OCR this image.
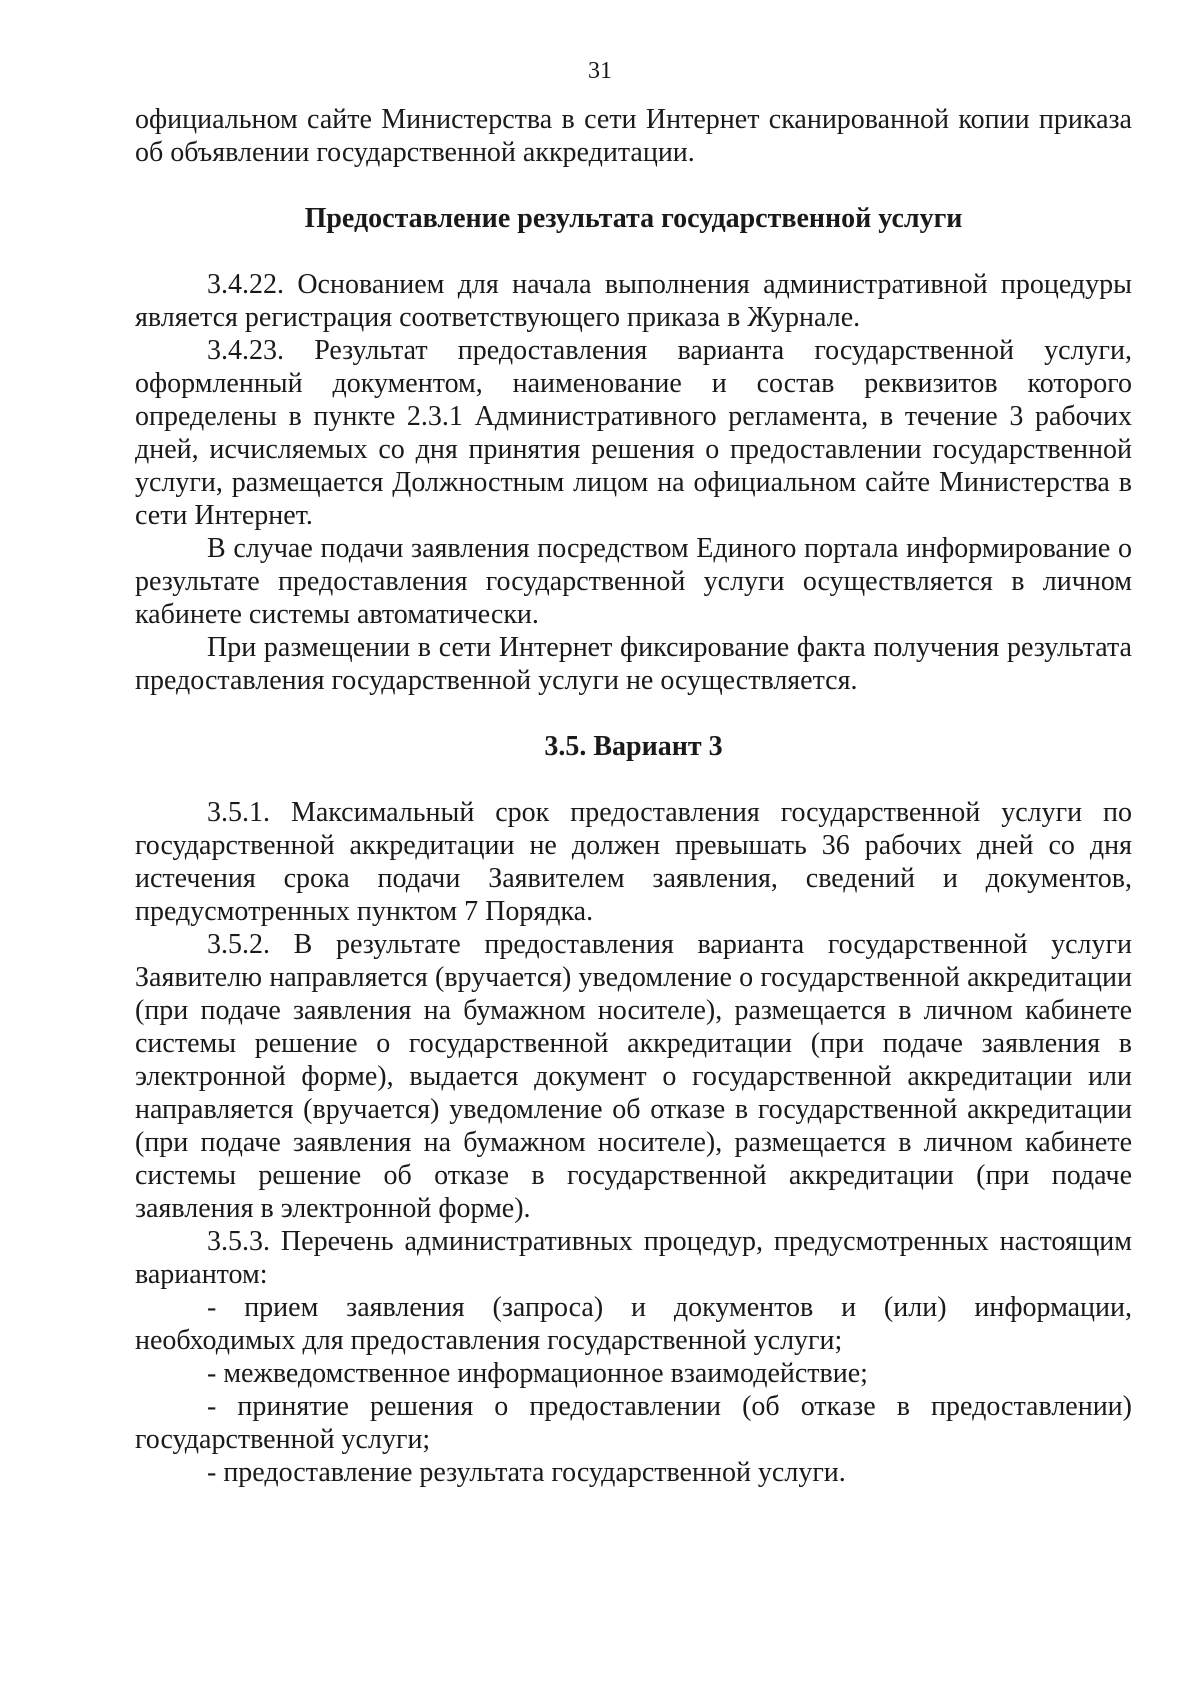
31

официальном сайте Министерства в сети Интернет сканированной копии приказа об объявлении государственной аккредитации.

Предоставление результата государственной услуги

3.4.22. Основанием для начала выполнения административной процедуры является регистрация соответствующего приказа в Журнале.

3.4.23. Результат предоставления варианта государственной услуги, оформленный документом, наименование и состав реквизитов которого определены в пункте 2.3.1 Административного регламента, в течение 3 рабочих дней, исчисляемых со дня принятия решения о предоставлении государственной услуги, размещается Должностным лицом на официальном сайте Министерства в сети Интернет.

В случае подачи заявления посредством Единого портала информирование о результате предоставления государственной услуги осуществляется в личном кабинете системы автоматически.

При размещении в сети Интернет фиксирование факта получения результата предоставления государственной услуги не осуществляется.

3.5. Вариант 3

3.5.1. Максимальный срок предоставления государственной услуги по государственной аккредитации не должен превышать 36 рабочих дней со дня истечения срока подачи Заявителем заявления, сведений и документов, предусмотренных пунктом 7 Порядка.

3.5.2. В результате предоставления варианта государственной услуги Заявителю направляется (вручается) уведомление о государственной аккредитации (при подаче заявления на бумажном носителе), размещается в личном кабинете системы решение о государственной аккредитации (при подаче заявления в электронной форме), выдается документ о государственной аккредитации или направляется (вручается) уведомление об отказе в государственной аккредитации (при подаче заявления на бумажном носителе), размещается в личном кабинете системы решение об отказе в государственной аккредитации (при подаче заявления в электронной форме).

3.5.3. Перечень административных процедур, предусмотренных настоящим вариантом:

- прием заявления (запроса) и документов и (или) информации, необходимых для предоставления государственной услуги;

- межведомственное информационное взаимодействие;

- принятие решения о предоставлении (об отказе в предоставлении) государственной услуги;

- предоставление результата государственной услуги.
